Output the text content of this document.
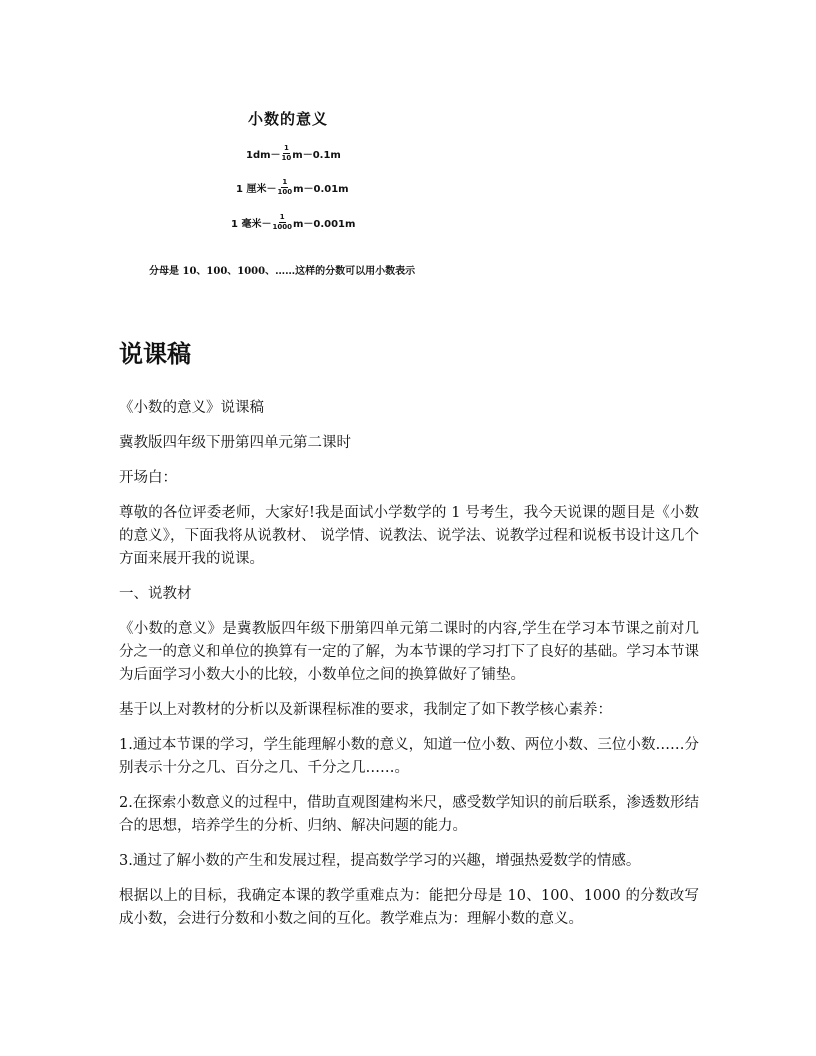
小数的意义
$1dm- \frac{1}{10} m-0.1m$
1 厘米－ $\frac{1}{100} m-0.01m$
1 毫米－ $\frac{1}{1000} m-0.001m$
分母是 10、100、1000、……这样的分数可以用小数表示
说课稿

《小数的意义》说课稿

冀教版四年级下册第四单元第二课时

开场白：

尊敬的各位评委老师，大家好!我是面试小学数学的 1 号考生，我今天说课的题目是《小数的意义》，下面我将从说教材、 说学情、说教法、说学法、说教学过程和说板书设计这几个方面来展开我的说课。

一、说教材

《小数的意义》是冀教版四年级下册第四单元第二课时的内容,学生在学习本节课之前对几分之一的意义和单位的换算有一定的了解，为本节课的学习打下了良好的基础。学习本节课为后面学习小数大小的比较，小数单位之间的换算做好了铺垫。

基于以上对教材的分析以及新课程标准的要求，我制定了如下教学核心素养：

1.通过本节课的学习，学生能理解小数的意义，知道一位小数、两位小数、三位小数……分别表示十分之几、百分之几、千分之几……。

2.在探索小数意义的过程中，借助直观图建构米尺，感受数学知识的前后联系，渗透数形结合的思想，培养学生的分析、归纳、解决问题的能力。

3.通过了解小数的产生和发展过程，提高数学学习的兴趣，增强热爱数学的情感。

根据以上的目标，我确定本课的教学重难点为：能把分母是 10、100、1000 的分数改写成小数，会进行分数和小数之间的互化。教学难点为：理解小数的意义。
